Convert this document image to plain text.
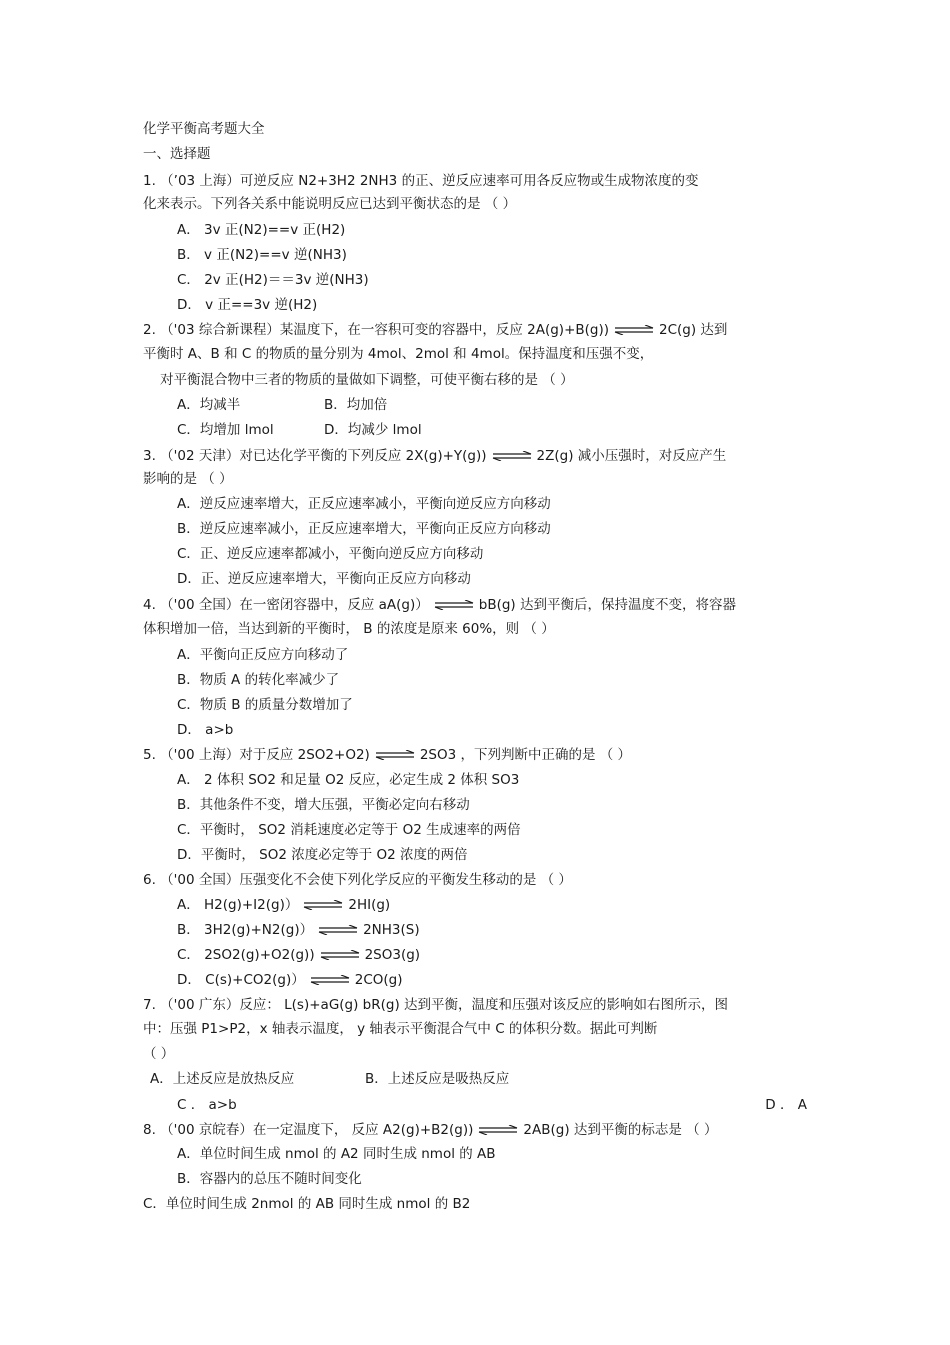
化学平衡高考题大全
一、选择题
1. （’03 上海）可逆反应 N2+3H2 2NH3 的正、逆反应速率可用各反应物或生成物浓度的变
化来表示。下列各关系中能说明反应已达到平衡状态的是 （ ）
A． 3v 正(N2)==v 正(H2)
B． v 正(N2)==v 逆(NH3)
C． 2v 正(H2)＝＝3v 逆(NH3)
D． v 正==3v 逆(H2)
2. （'03 综合新课程）某温度下，在一容积可变的容器中，反应 2A(g)+B(g)) ⇌ 2C(g) 达到
平衡时 A、B 和 C 的物质的量分别为 4mol、2mol 和 4mol。保持温度和压强不变，
对平衡混合物中三者的物质的量做如下调整，可使平衡右移的是 （ ）
A．均减半	B．均加倍
C．均增加 lmol	D．均减少 lmol
3. （'02 天津）对已达化学平衡的下列反应 2X(g)+Y(g)) ⇌ 2Z(g) 减小压强时，对反应产生
影响的是 （ ）
A．逆反应速率增大，正反应速率减小，平衡向逆反应方向移动
B．逆反应速率减小，正反应速率增大，平衡向正反应方向移动
C．正、逆反应速率都减小，平衡向逆反应方向移动
D．正、逆反应速率增大，平衡向正反应方向移动
4. （'00 全国）在一密闭容器中，反应 aA(g)） ⇌ bB(g) 达到平衡后，保持温度不变，将容器
体积增加一倍，当达到新的平衡时， B 的浓度是原来 60%，则 （ ）
A．平衡向正反应方向移动了
B．物质 A 的转化率减少了
C．物质 B 的质量分数增加了
D． a>b
5. （'00 上海）对于反应 2SO2+O2) ⇌ 2SO3 ，下列判断中正确的是 （ ）
A． 2 体积 SO2 和足量 O2 反应，必定生成 2 体积 SO3
B．其他条件不变，增大压强，平衡必定向右移动
C．平衡时， SO2 消耗速度必定等于 O2 生成速率的两倍
D．平衡时， SO2 浓度必定等于 O2 浓度的两倍
6. （'00 全国）压强变化不会使下列化学反应的平衡发生移动的是 （ ）
A． H2(g)+I2(g)） ⇌ 2HI(g)
B． 3H2(g)+N2(g)） ⇌ 2NH3(S)
C． 2SO2(g)+O2(g)) ⇌ 2SO3(g)
D． C(s)+CO2(g)） ⇌ 2CO(g)
7. （'00 广东）反应： L(s)+aG(g) bR(g) 达到平衡，温度和压强对该反应的影响如右图所示，图
中：压强 P1>P2，x 轴表示温度， y 轴表示平衡混合气中 C 的体积分数。据此可判断
（ ）
A．上述反应是放热反应	B．上述反应是吸热反应
C ． a>b	D ． A
8. （'00 京皖春）在一定温度下， 反应 A2(g)+B2(g)) ⇌ 2AB(g) 达到平衡的标志是 （ ）
A．单位时间生成 nmol 的 A2 同时生成 nmol 的 AB
B．容器内的总压不随时间变化
C．单位时间生成 2nmol 的 AB 同时生成 nmol 的 B2
